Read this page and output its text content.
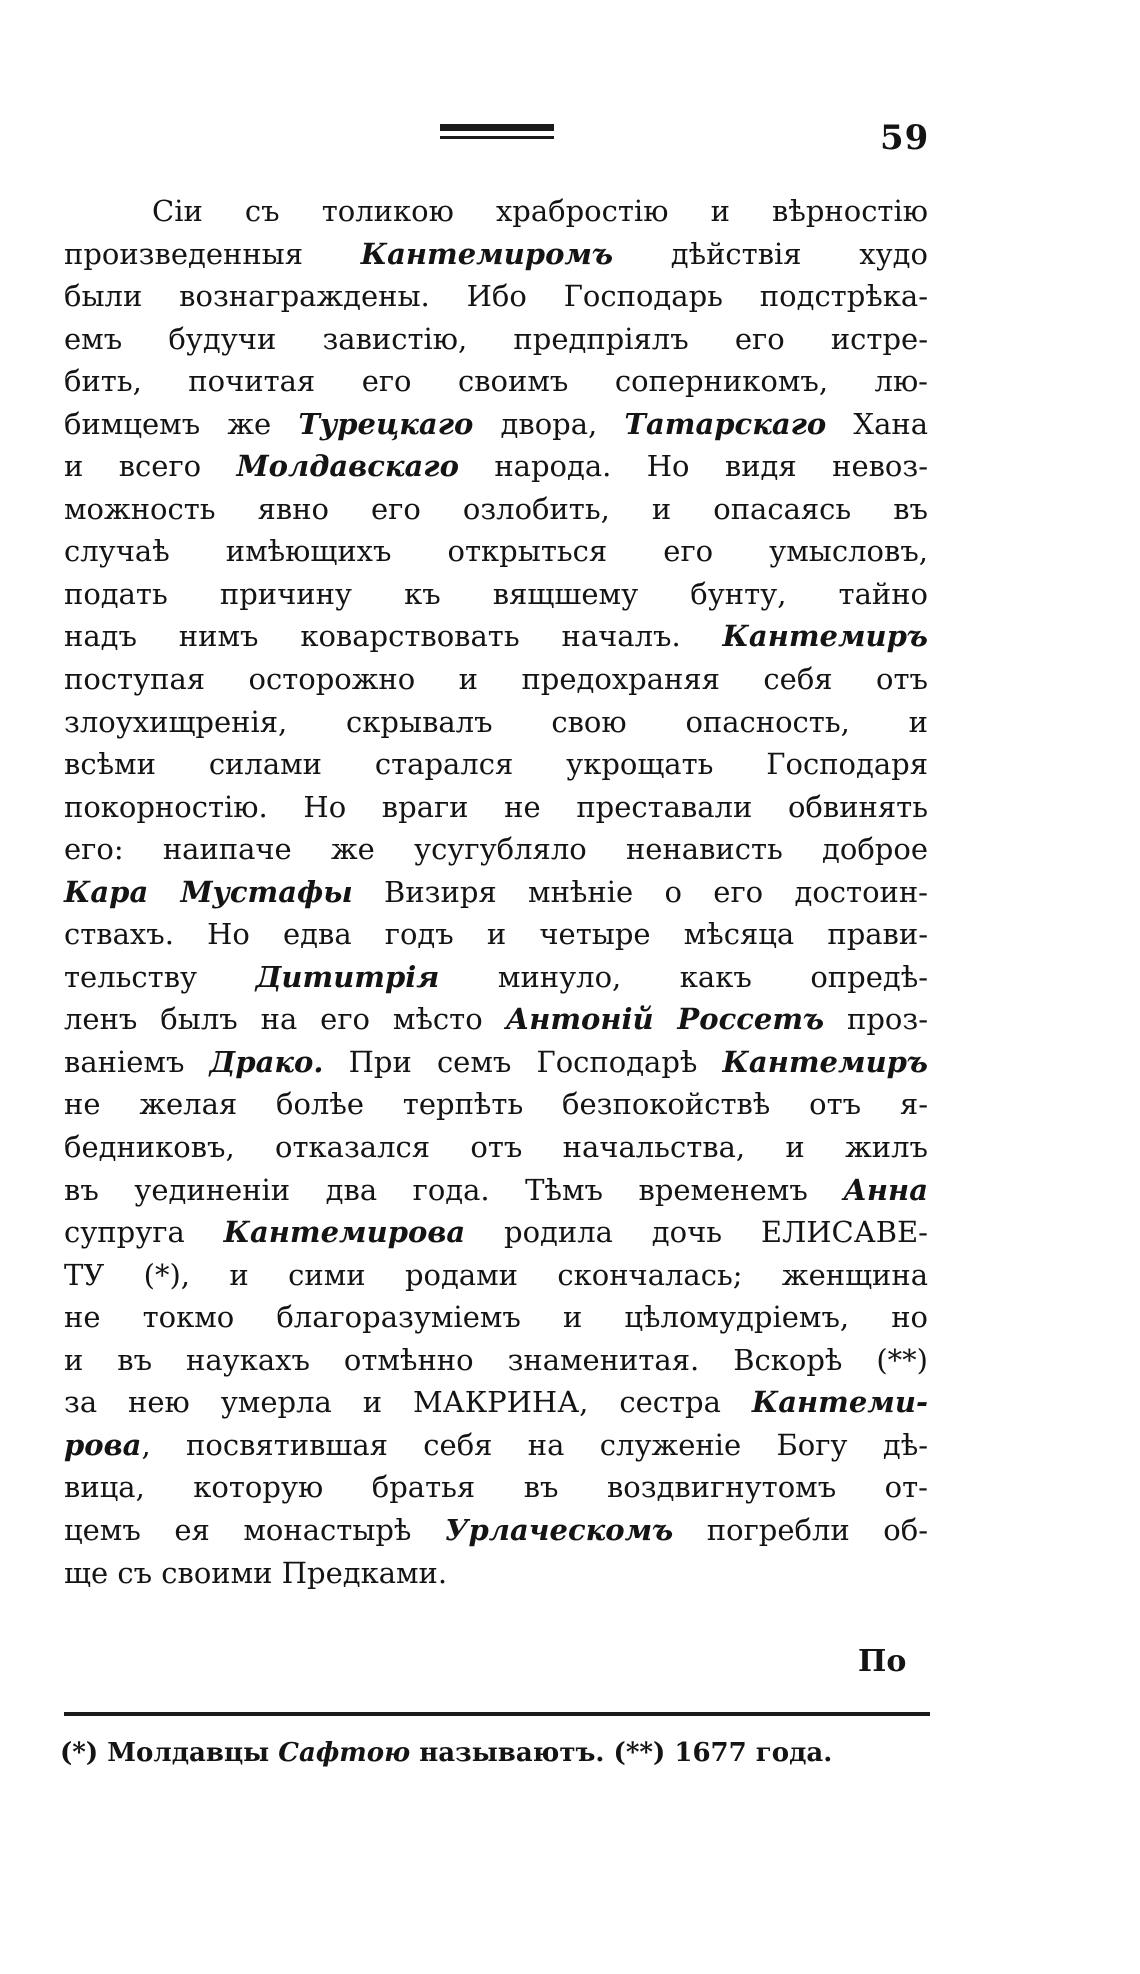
59
Сіи съ толикою храбростію и вѣрностію
произведенныя Кантемиромъ дѣйствія худо
были вознаграждены. Ибо Господарь подстрѣка-
емъ будучи завистію, предпріялъ его истре-
бить, почитая его своимъ соперникомъ, лю-
бимцемъ же Турецкаго двора, Татарскаго Хана
и всего Молдавскаго народа. Но видя невоз-
можность явно его озлобить, и опасаясь въ
случаѣ имѣющихъ открыться его умысловъ,
подать причину къ вящшему бунту, тайно
надъ нимъ коварствовать началъ. Кантемиръ
поступая осторожно и предохраняя себя отъ
злоухищренія, скрывалъ свою опасность, и
всѣми силами старался укрощать Господаря
покорностію. Но враги не преставали обвинять
его: наипаче же усугубляло ненависть доброе
Кара Мустафы Визиря мнѣніе о его достоин-
ствахъ. Но едва годъ и четыре мѣсяца прави-
тельству Дититрія минуло, какъ опредѣ-
ленъ былъ на его мѣсто Антоній Россетъ проз-
ваніемъ Драко. При семъ Господарѣ Кантемиръ
не желая болѣе терпѣть безпокойствѣ отъ я-
бедниковъ, отказался отъ начальства, и жилъ
въ уединеніи два года. Тѣмъ временемъ Анна
супруга Кантемирова родила дочь ЕЛИСАВЕ-
ТУ (*), и сими родами скончалась; женщина
не токмо благоразуміемъ и цѣломудріемъ, но
и въ наукахъ отмѣнно знаменитая. Вскорѣ (**)
за нею умерла и МАКРИНА, сестра Кантеми-
рова, посвятившая себя на служеніе Богу дѣ-
вица, которую братья въ воздвигнутомъ от-
цемъ ея монастырѣ Урлаческомъ погребли об-
ще съ своими Предками.
По
(*) Молдавцы Сафтою называютъ. (**) 1677 года.
